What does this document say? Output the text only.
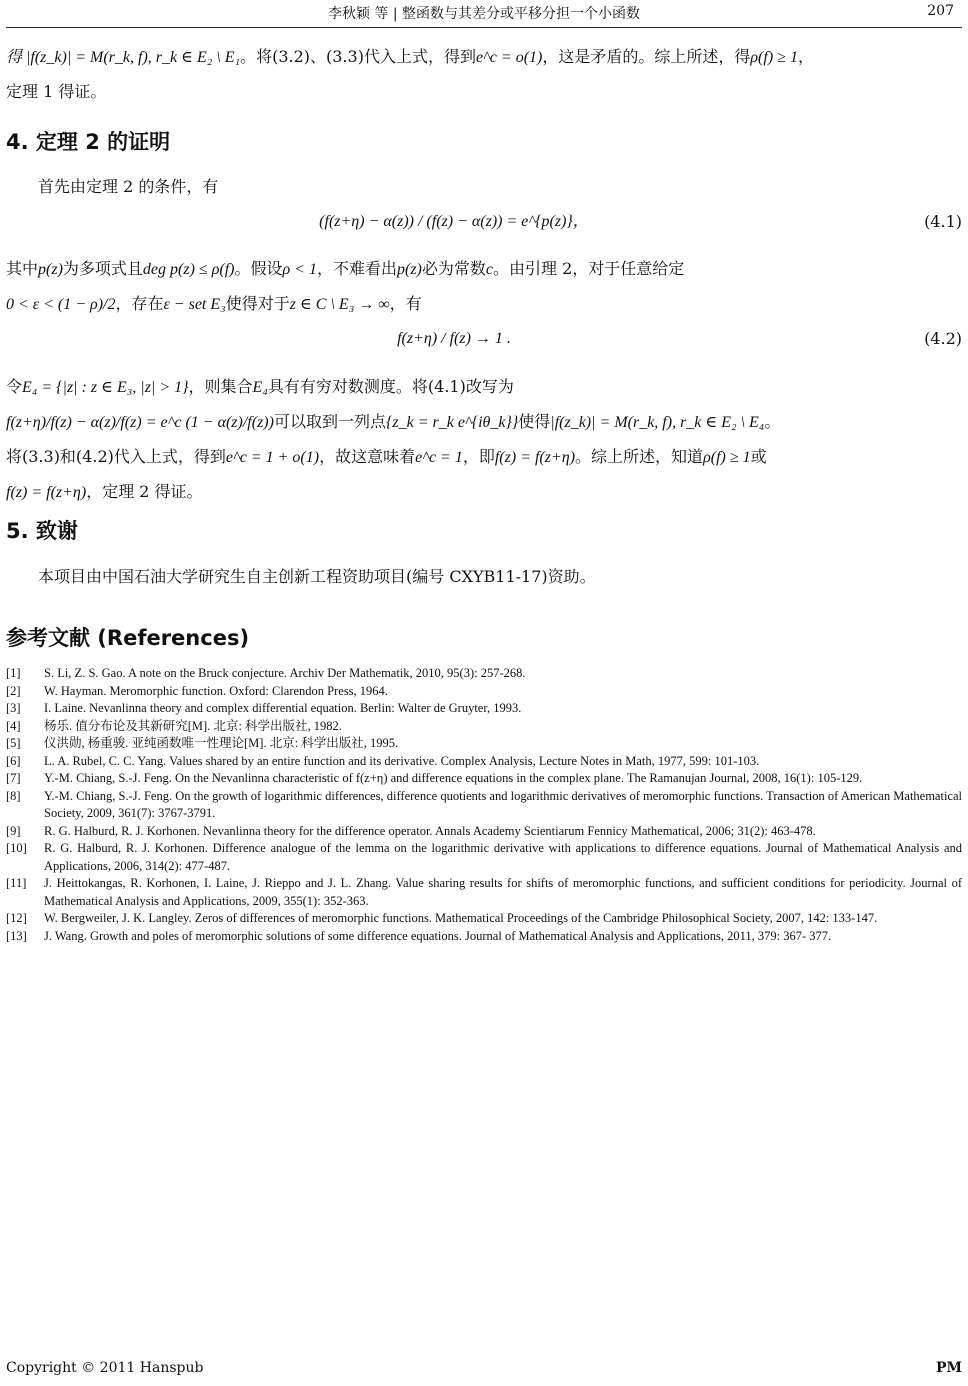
李秋颖 等 | 整函数与其差分或平移分担一个小函数	207
得 |f(z_k)| = M(r_k, f), r_k ∈ E₂ \ E₁。将(3.2)、(3.3)代入上式，得到e^c = o(1)，这是矛盾的。综上所述，得ρ(f) ≥ 1，
定理 1 得证。
4. 定理 2 的证明
首先由定理 2 的条件，有
(f(z+η) − α(z)) / (f(z) − α(z)) = e^{p(z)}，	(4.1)
其中p(z)为多项式且deg p(z) ≤ ρ(f)。假设ρ < 1，不难看出p(z)必为常数c。由引理 2，对于任意给定
0 < ε < (1 − ρ)/2，存在ε − set E₃使得对于z ∈ C \ E₃ → ∞，有
f(z+η) / f(z) → 1 .	(4.2)
令E₄ = {|z| : z ∈ E₃, |z| > 1}，则集合E₄具有有穷对数测度。将(4.1)改写为
f(z+η)/f(z) − α(z)/f(z) = e^c (1 − α(z)/f(z))可以取到一列点{z_k = r_k e^{iθ_k}}使得|f(z_k)| = M(r_k, f), r_k ∈ E₂ \ E₄。
将(3.3)和(4.2)代入上式，得到e^c = 1 + o(1)，故这意味着e^c = 1，即f(z) = f(z+η)。综上所述，知道ρ(f) ≥ 1或
f(z) = f(z+η)，定理 2 得证。
5. 致谢
本项目由中国石油大学研究生自主创新工程资助项目(编号 CXYB11-17)资助。
参考文献 (References)
[1] S. Li, Z. S. Gao. A note on the Bruck conjecture. Archiv Der Mathematik, 2010, 95(3): 257-268.
[2] W. Hayman. Meromorphic function. Oxford: Clarendon Press, 1964.
[3] I. Laine. Nevanlinna theory and complex differential equation. Berlin: Walter de Gruyter, 1993.
[4] 杨乐. 值分布论及其新研究[M]. 北京: 科学出版社, 1982.
[5] 仪洪勋, 杨重骏. 亚纯函数唯一性理论[M]. 北京: 科学出版社, 1995.
[6] L. A. Rubel, C. C. Yang. Values shared by an entire function and its derivative. Complex Analysis, Lecture Notes in Math, 1977, 599: 101-103.
[7] Y.-M. Chiang, S.-J. Feng. On the Nevanlinna characteristic of f(z+η) and difference equations in the complex plane. The Ramanujan Journal, 2008, 16(1): 105-129.
[8] Y.-M. Chiang, S.-J. Feng. On the growth of logarithmic differences, difference quotients and logarithmic derivatives of meromorphic functions. Transaction of American Mathematical Society, 2009, 361(7): 3767-3791.
[9] R. G. Halburd, R. J. Korhonen. Nevanlinna theory for the difference operator. Annals Academy Scientiarum Fennicy Mathematical, 2006; 31(2): 463-478.
[10] R. G. Halburd, R. J. Korhonen. Difference analogue of the lemma on the logarithmic derivative with applications to difference equations. Journal of Mathematical Analysis and Applications, 2006, 314(2): 477-487.
[11] J. Heittokangas, R. Korhonen, I. Laine, J. Rieppo and J. L. Zhang. Value sharing results for shifts of meromorphic functions, and sufficient conditions for periodicity. Journal of Mathematical Analysis and Applications, 2009, 355(1): 352-363.
[12] W. Bergweiler, J. K. Langley. Zeros of differences of meromorphic functions. Mathematical Proceedings of the Cambridge Philosophical Society, 2007, 142: 133-147.
[13] J. Wang. Growth and poles of meromorphic solutions of some difference equations. Journal of Mathematical Analysis and Applications, 2011, 379: 367- 377.
Copyright © 2011 Hanspub	PM
